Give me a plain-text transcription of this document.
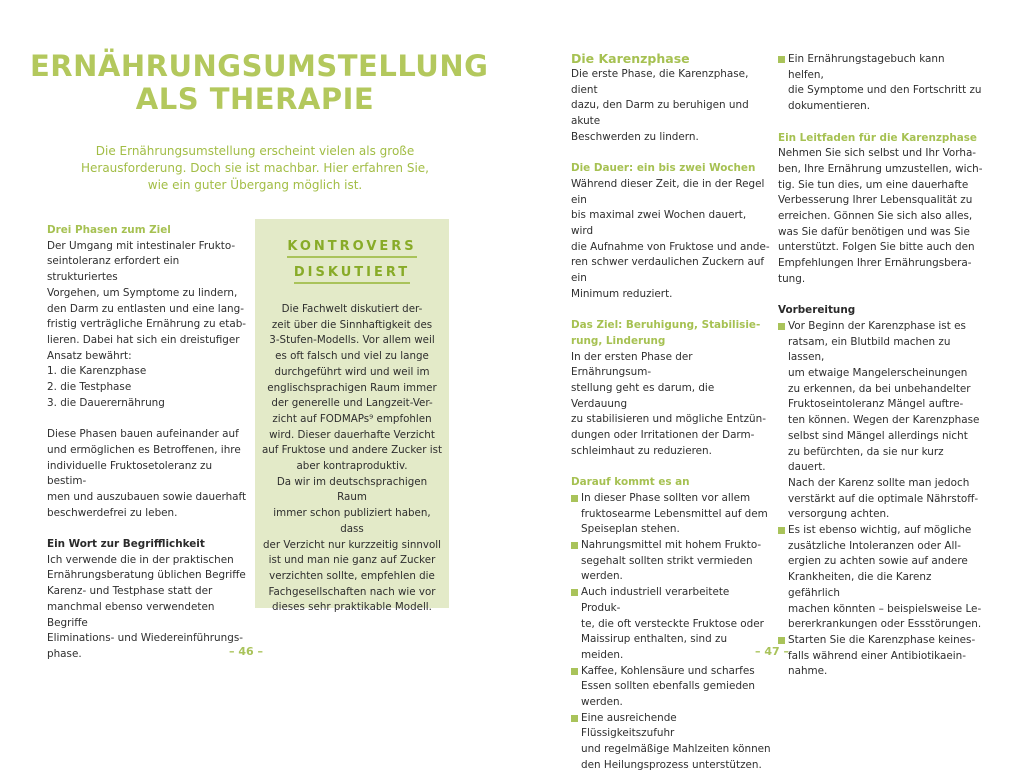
ERNÄHRUNGSUMSTELLUNG
ALS THERAPIE
Die Ernährungsumstellung erscheint vielen als große
Herausforderung. Doch sie ist machbar. Hier erfahren Sie,
wie ein guter Übergang möglich ist.

Drei Phasen zum Ziel

Der Umgang mit intestinaler Frukto-

seintoleranz erfordert ein strukturiertes

Vorgehen, um Symptome zu lindern,

den Darm zu entlasten und eine lang-

fristig verträgliche Ernährung zu etab-

lieren. Dabei hat sich ein dreistufiger

Ansatz bewährt:

1. die Karenzphase

2. die Testphase

3. die Dauerernährung

Diese Phasen bauen aufeinander auf

und ermöglichen es Betroffenen, ihre

individuelle Fruktosetoleranz zu bestim-

men und auszubauen sowie dauerhaft

beschwerdefrei zu leben.

Ein Wort zur Begrifflichkeit

Ich verwende die in der praktischen

Ernährungsberatung üblichen Begriffe

Karenz- und Testphase statt der

manchmal ebenso verwendeten Begriffe

Eliminations- und Wiedereinführungs-

phase.

KONTROVERS
DISKUTIERT

Die Fachwelt diskutiert der-

zeit über die Sinnhaftigkeit des

3-Stufen-Modells. Vor allem weil

es oft falsch und viel zu lange

durchgeführt wird und weil im

englischsprachigen Raum immer

der generelle und Langzeit-Ver-

zicht auf FODMAPs⁹ empfohlen

wird. Dieser dauerhafte Verzicht

auf Fruktose und andere Zucker ist

aber kontraproduktiv.

Da wir im deutschsprachigen Raum

immer schon publiziert haben, dass

der Verzicht nur kurzzeitig sinnvoll

ist und man nie ganz auf Zucker

verzichten sollte, empfehlen die

Fachgesellschaften nach wie vor

dieses sehr praktikable Modell.

– 46 –

Die Karenzphase

Die erste Phase, die Karenzphase, dient

dazu, den Darm zu beruhigen und akute

Beschwerden zu lindern.

Die Dauer: ein bis zwei Wochen

Während dieser Zeit, die in der Regel ein

bis maximal zwei Wochen dauert, wird

die Aufnahme von Fruktose und ande-

ren schwer verdaulichen Zuckern auf ein

Minimum reduziert.

Das Ziel: Beruhigung, Stabilisie-

rung, Linderung

In der ersten Phase der Ernährungsum-

stellung geht es darum, die Verdauung

zu stabilisieren und mögliche Entzün-

dungen oder Irritationen der Darm-

schleimhaut zu reduzieren.

Darauf kommt es an

In dieser Phase sollten vor allem

fruktosearme Lebensmittel auf dem

Speiseplan stehen.

Nahrungsmittel mit hohem Frukto-

segehalt sollten strikt vermieden

werden.

Auch industriell verarbeitete Produk-

te, die oft versteckte Fruktose oder

Maissirup enthalten, sind zu meiden.

Kaffee, Kohlensäure und scharfes

Essen sollten ebenfalls gemieden

werden.

Eine ausreichende Flüssigkeitszufuhr

und regelmäßige Mahlzeiten können

den Heilungsprozess unterstützen.

Ein Ernährungstagebuch kann helfen,

die Symptome und den Fortschritt zu

dokumentieren.

Ein Leitfaden für die Karenzphase

Nehmen Sie sich selbst und Ihr Vorha-

ben, Ihre Ernährung umzustellen, wich-

tig. Sie tun dies, um eine dauerhafte

Verbesserung Ihrer Lebensqualität zu

erreichen. Gönnen Sie sich also alles,

was Sie dafür benötigen und was Sie

unterstützt. Folgen Sie bitte auch den

Empfehlungen Ihrer Ernährungsbera-

tung.

Vorbereitung

Vor Beginn der Karenzphase ist es

ratsam, ein Blutbild machen zu lassen,

um etwaige Mangelerscheinungen

zu erkennen, da bei unbehandelter

Fruktoseintoleranz Mängel auftre-

ten können. Wegen der Karenzphase

selbst sind Mängel allerdings nicht

zu befürchten, da sie nur kurz dauert.

Nach der Karenz sollte man jedoch

verstärkt auf die optimale Nährstoff-

versorgung achten.

Es ist ebenso wichtig, auf mögliche

zusätzliche Intoleranzen oder All-

ergien zu achten sowie auf andere

Krankheiten, die die Karenz gefährlich

machen könnten – beispielsweise Le-

bererkrankungen oder Essstörungen.

Starten Sie die Karenzphase keines-

falls während einer Antibiotikaein-

nahme.

– 47 –
